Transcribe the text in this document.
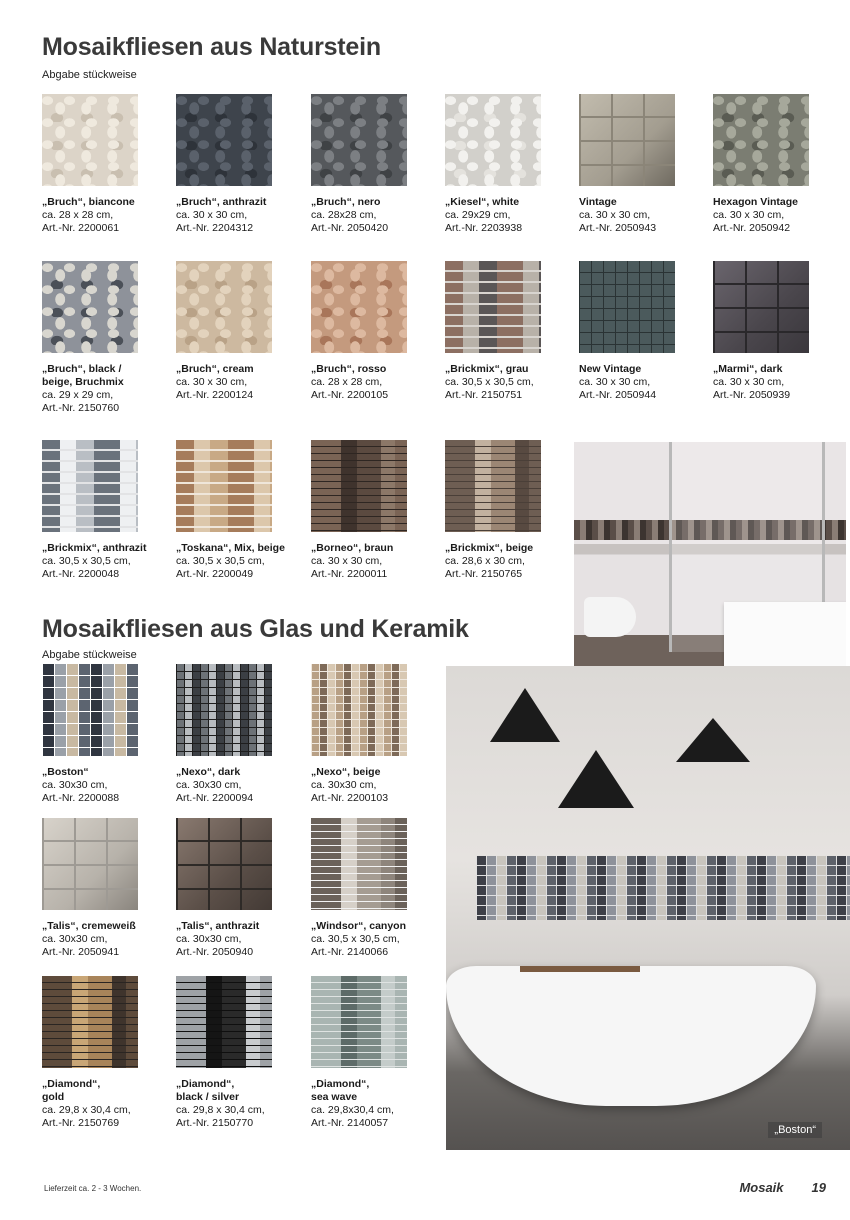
Mosaikfliesen aus Naturstein
Abgabe stückweise
„Bruch“, biancone
ca. 28 x 28 cm,
Art.-Nr. 2200061
„Bruch“, anthrazit
ca. 30 x 30 cm,
Art.-Nr. 2204312
„Bruch“, nero
ca. 28x28 cm,
Art.-Nr. 2050420
„Kiesel“, white
ca. 29x29 cm,
Art.-Nr. 2203938
Vintage
ca. 30 x 30 cm,
Art.-Nr. 2050943
Hexagon Vintage
ca. 30 x 30 cm,
Art.-Nr. 2050942
„Bruch“, black /
beige, Bruchmix
ca. 29 x 29 cm,
Art.-Nr. 2150760
„Bruch“, cream
ca. 30 x 30 cm,
Art.-Nr. 2200124
„Bruch“, rosso
ca. 28 x 28 cm,
Art.-Nr. 2200105
„Brickmix“, grau
ca. 30,5 x 30,5 cm,
Art.-Nr. 2150751
New Vintage
ca. 30 x 30 cm,
Art.-Nr. 2050944
„Marmi“, dark
ca. 30 x 30 cm,
Art.-Nr. 2050939
„Brickmix“, anthrazit
ca. 30,5 x 30,5 cm,
Art.-Nr. 2200048
„Toskana“, Mix, beige
ca. 30,5 x 30,5 cm,
Art.-Nr. 2200049
„Borneo“, braun
ca. 30 x 30 cm,
Art.-Nr. 2200011
„Brickmix“, beige
ca. 28,6 x 30 cm,
Art.-Nr. 2150765
Mosaikfliesen aus Glas und Keramik
Abgabe stückweise
„Boston“
ca. 30x30 cm,
Art.-Nr. 2200088
„Nexo“, dark
ca. 30x30 cm,
Art.-Nr. 2200094
„Nexo“, beige
ca. 30x30 cm,
Art.-Nr. 2200103
„Boston“
„Talis“, cremeweiß
ca. 30x30 cm,
Art.-Nr. 2050941
„Talis“, anthrazit
ca. 30x30 cm,
Art.-Nr. 2050940
„Windsor“, canyon
ca. 30,5 x 30,5 cm,
Art.-Nr. 2140066
„Diamond“,
gold
ca. 29,8 x 30,4 cm,
Art.-Nr. 2150769
„Diamond“,
black / silver
ca. 29,8 x 30,4 cm,
Art.-Nr. 2150770
„Diamond“,
sea wave
ca. 29,8x30,4 cm,
Art.-Nr. 2140057
Lieferzeit ca. 2 - 3 Wochen.	Mosaik 19
